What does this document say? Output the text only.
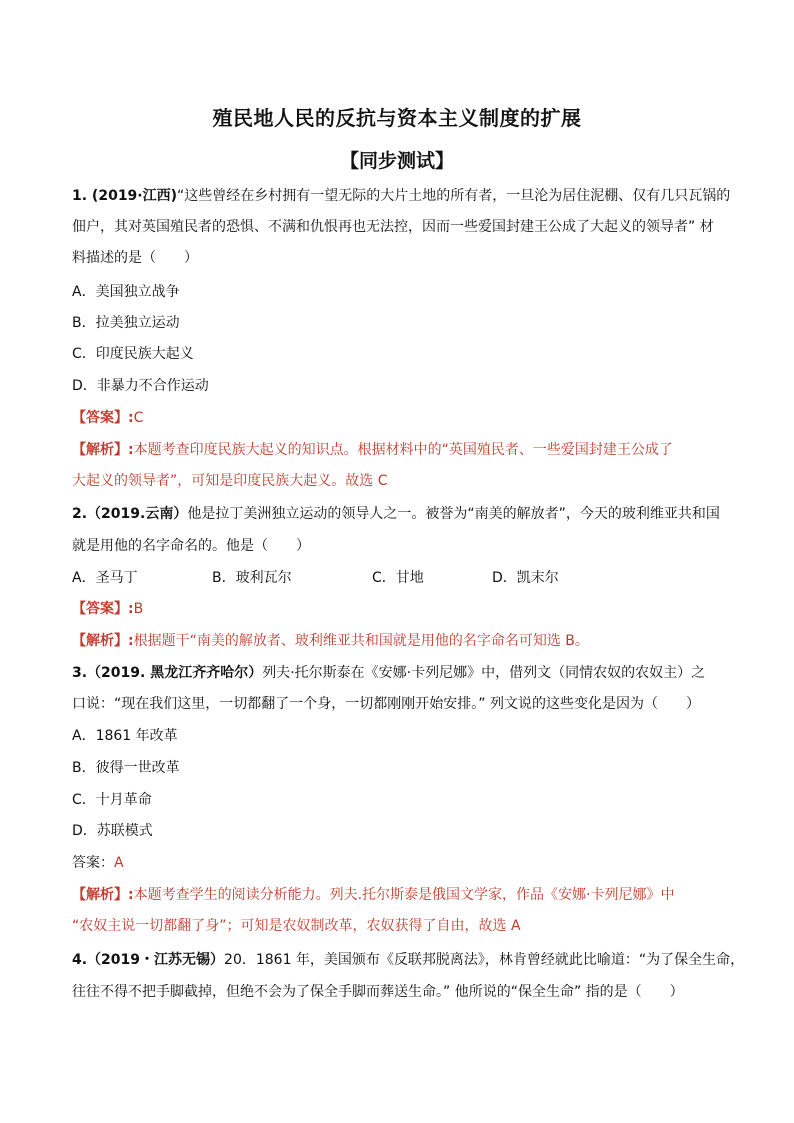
殖民地人民的反抗与资本主义制度的扩展
【同步测试】
1. (2019·江西)“这些曾经在乡村拥有一望无际的大片土地的所有者，一旦沦为居住泥棚、仅有几只瓦锅的
佃户，其对英国殖民者的恐惧、不满和仇恨再也无法控，因而一些爱国封建王公成了大起义的领导者” 材
料描述的是（　　）
A．美国独立战争
B．拉美独立运动
C．印度民族大起义
D．非暴力不合作运动
【答案】:C
【解析】:本题考查印度民族大起义的知识点。根据材料中的“英国殖民者、一些爱国封建王公成了
大起义的领导者”，可知是印度民族大起义。故选 C
2.（2019.云南）他是拉丁美洲独立运动的领导人之一。被誉为“南美的解放者”，今天的玻利维亚共和国
就是用他的名字命名的。他是（　　）
A．圣马丁	B．玻利瓦尔	C．甘地	D．凯末尔
【答案】:B
【解析】:根据题干“南美的解放者、玻利维亚共和国就是用他的名字命名可知选 B。
3.（2019. 黑龙江齐齐哈尔）列夫·托尔斯泰在《安娜·卡列尼娜》中，借列文（同情农奴的农奴主）之
口说：“现在我们这里，一切都翻了一个身，一切都刚刚开始安排。” 列文说的这些变化是因为（　　）
A．1861 年改革
B．彼得一世改革
C．十月革命
D．苏联模式
答案：A
【解析】:本题考查学生的阅读分析能力。列夫.托尔斯泰是俄国文学家，作品《安娜·卡列尼娜》中
“农奴主说一切都翻了身”；可知是农奴制改革，农奴获得了自由，故选 A
4.（2019・江苏无锡）20．1861 年，美国颁布《反联邦脱离法》，林肯曾经就此比喻道：“为了保全生命，
往往不得不把手脚截掉，但绝不会为了保全手脚而葬送生命。” 他所说的“保全生命” 指的是（　　）
